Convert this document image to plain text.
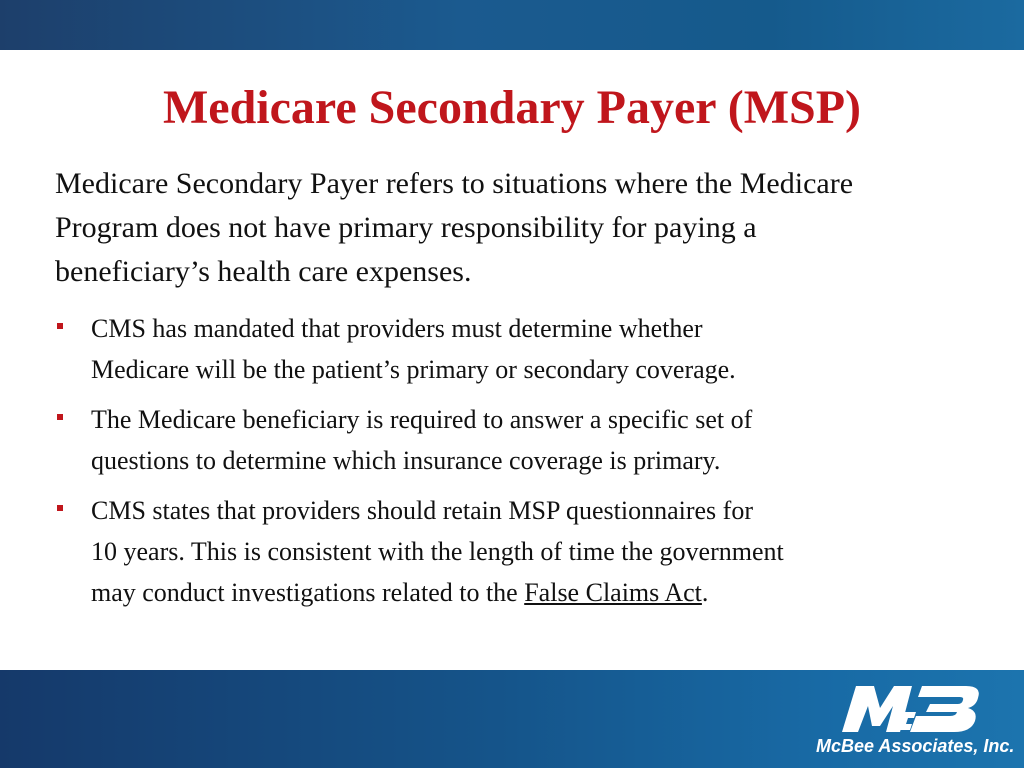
Medicare Secondary Payer (MSP)
Medicare Secondary Payer refers to situations where the Medicare
Program does not have primary responsibility for paying a
beneficiary’s health care expenses.
CMS has mandated that providers must determine whether
Medicare will be the patient’s primary or secondary coverage.
The Medicare beneficiary is required to answer a specific set of
questions to determine which insurance coverage is primary.
CMS states that providers should retain MSP questionnaires for
10 years. This is consistent with the length of time the government
may conduct investigations related to the False Claims Act.
McBee Associates, Inc.
